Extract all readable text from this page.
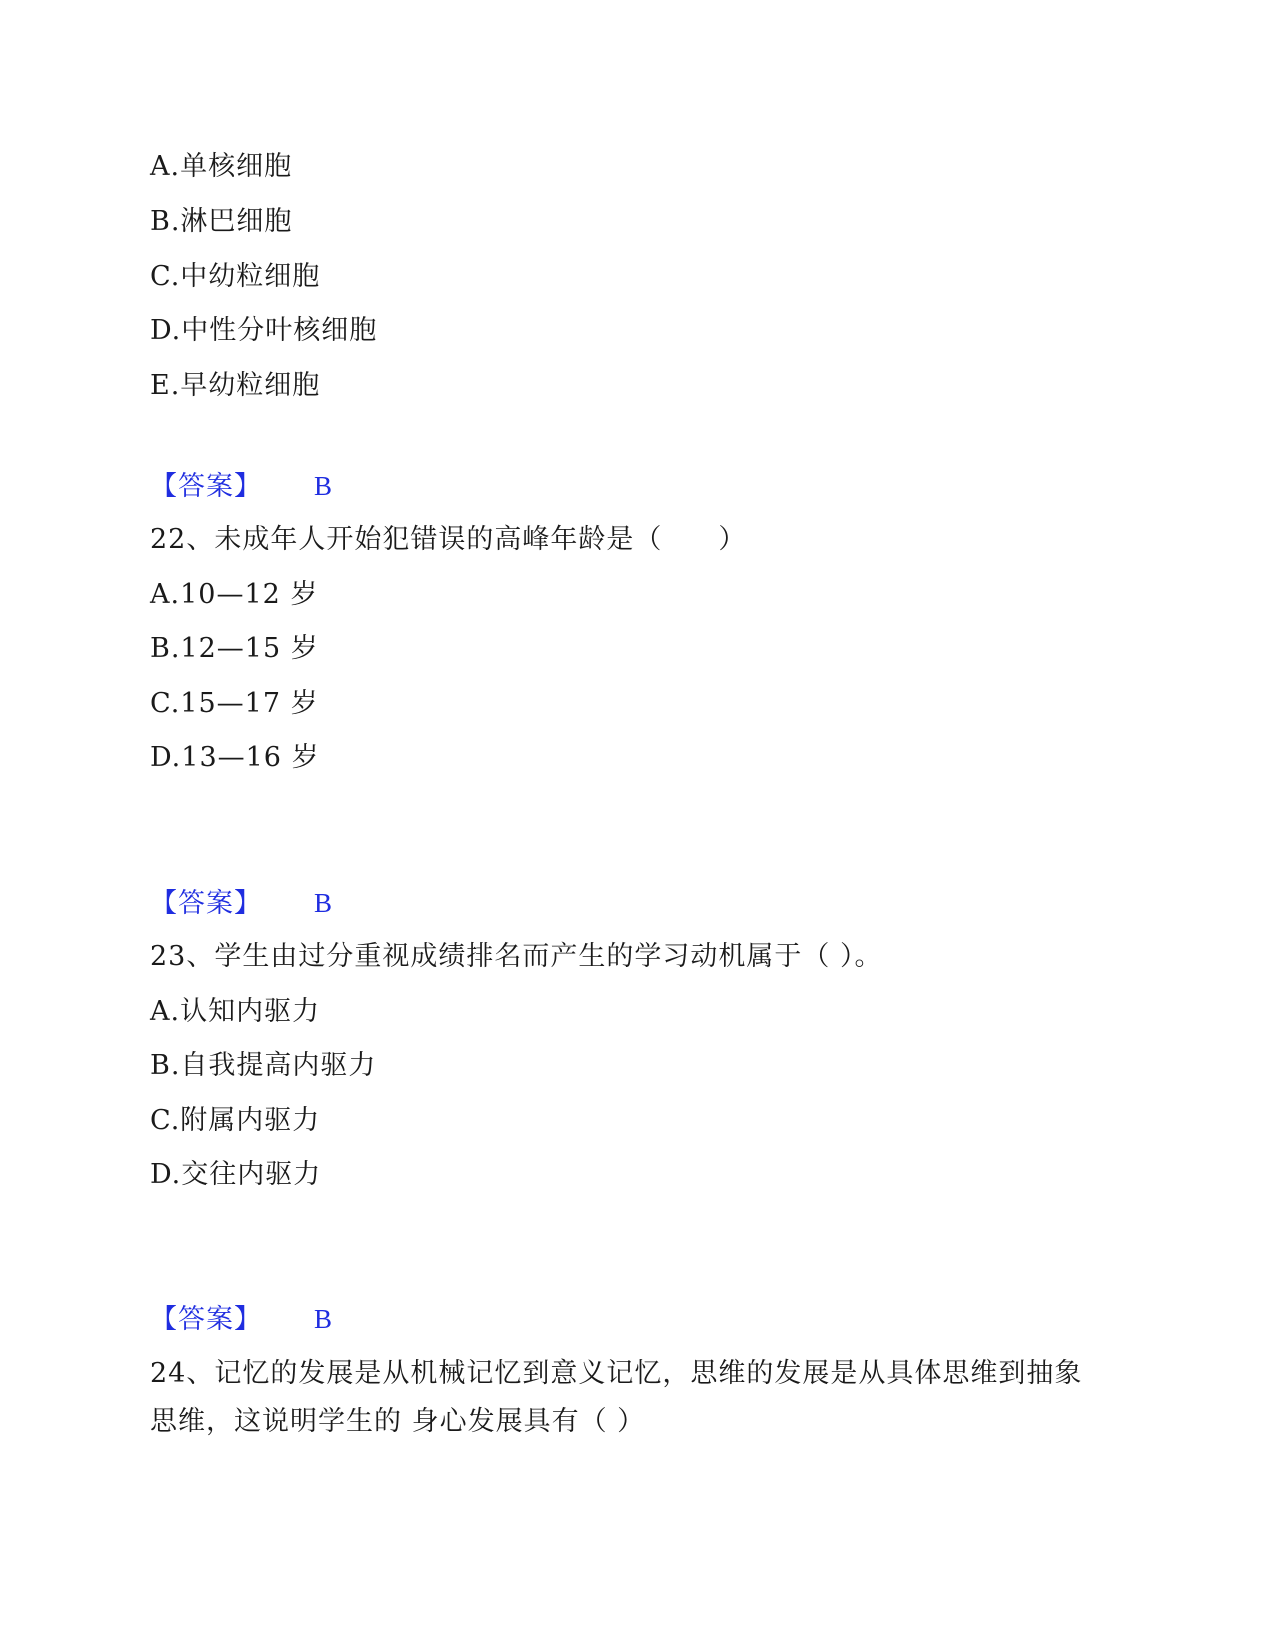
A.单核细胞
B.淋巴细胞
C.中幼粒细胞
D.中性分叶核细胞
E.早幼粒细胞
【答案】 B
22、未成年人开始犯错误的高峰年龄是（　　）
A.10—12 岁
B.12—15 岁
C.15—17 岁
D.13—16 岁
【答案】 B
23、学生由过分重视成绩排名而产生的学习动机属于（ ）。
A.认知内驱力
B.自我提高内驱力
C.附属内驱力
D.交往内驱力
【答案】 B
24、记忆的发展是从机械记忆到意义记忆，思维的发展是从具体思维到抽象
思维，这说明学生的 身心发展具有（ ）
